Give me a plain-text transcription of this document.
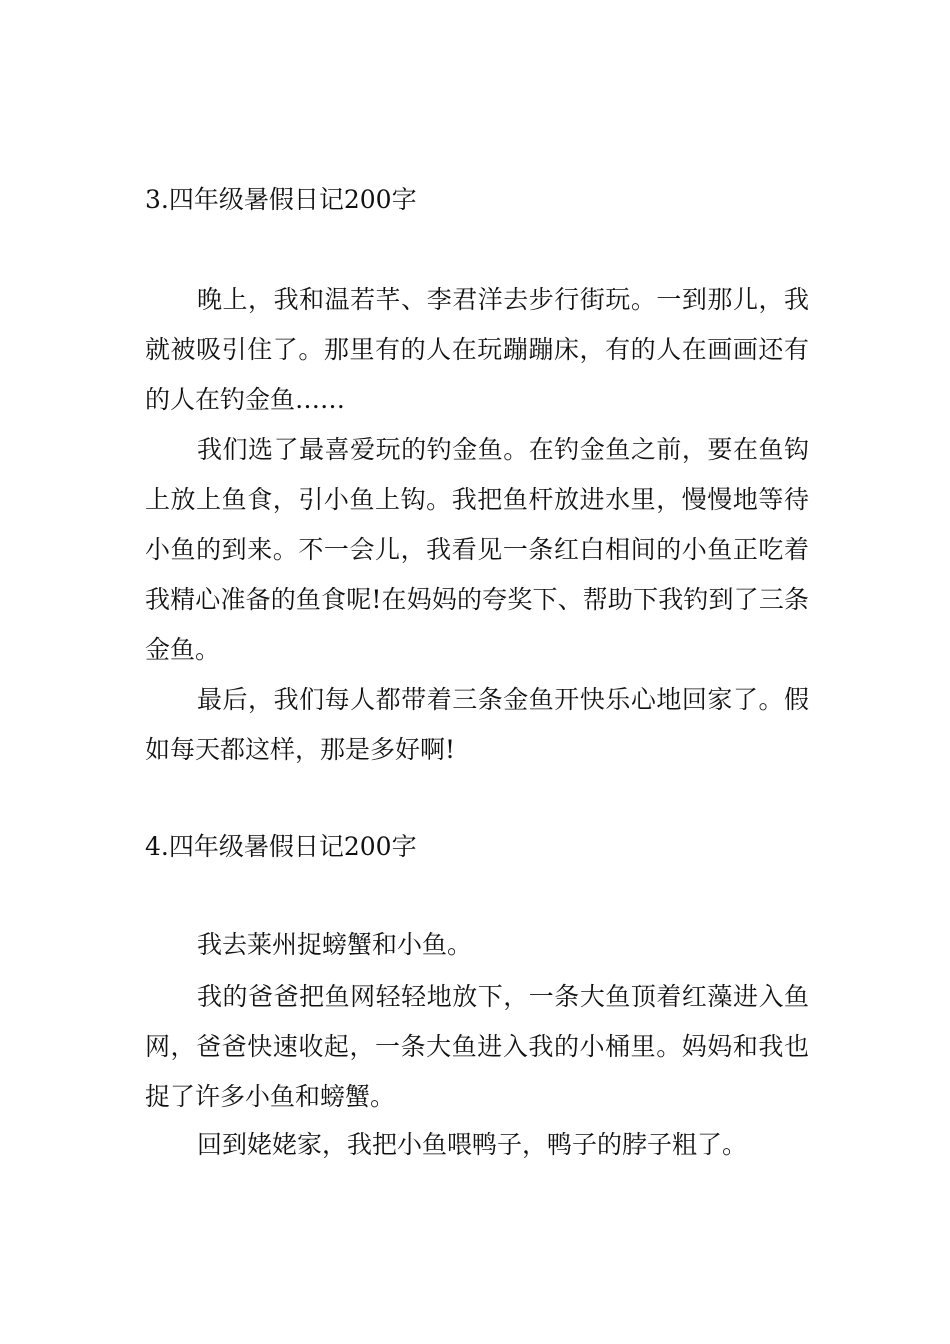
3.四年级暑假日记200字

晚上，我和温若芊、李君洋去步行街玩。一到那儿，我就被吸引住了。那里有的人在玩蹦蹦床，有的人在画画还有的人在钓金鱼……

我们选了最喜爱玩的钓金鱼。在钓金鱼之前，要在鱼钩上放上鱼食，引小鱼上钩。我把鱼杆放进水里，慢慢地等待小鱼的到来。不一会儿，我看见一条红白相间的小鱼正吃着我精心准备的鱼食呢!在妈妈的夸奖下、帮助下我钓到了三条金鱼。

最后，我们每人都带着三条金鱼开快乐心地回家了。假如每天都这样，那是多好啊!

4.四年级暑假日记200字

我去莱州捉螃蟹和小鱼。

我的爸爸把鱼网轻轻地放下，一条大鱼顶着红藻进入鱼网，爸爸快速收起，一条大鱼进入我的小桶里。妈妈和我也捉了许多小鱼和螃蟹。

回到姥姥家，我把小鱼喂鸭子，鸭子的脖子粗了。
